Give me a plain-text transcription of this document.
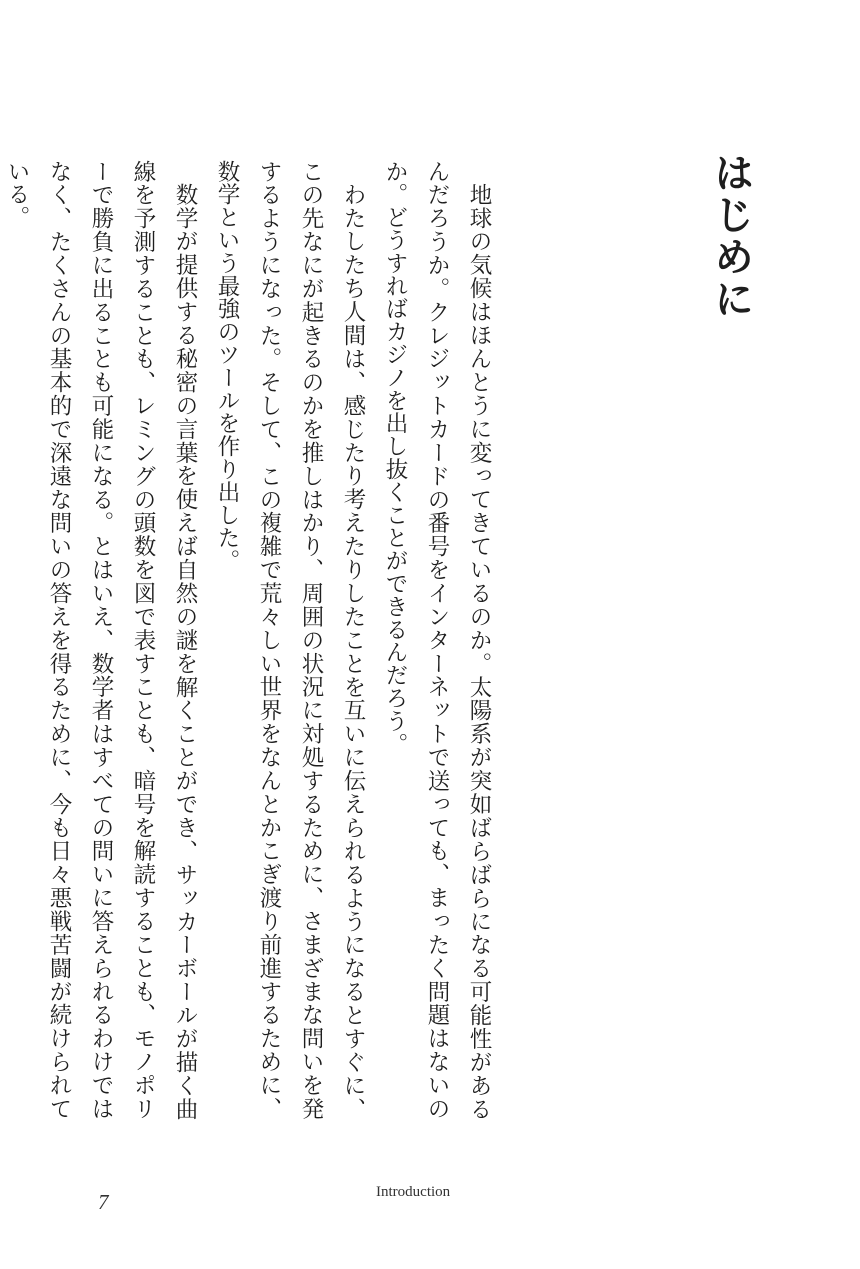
はじめに

地球の気候はほんとうに変ってきているのか。太陽系が突如ばらばらになる可能性があるんだろうか。クレジットカードの番号をインターネットで送っても、まったく問題はないのか。どうすればカジノを出し抜くことができるんだろう。

わたしたち人間は、感じたり考えたりしたことを互いに伝えられるようになるとすぐに、この先なにが起きるのかを推しはかり、周囲の状況に対処するために、さまざまな問いを発するようになった。そして、この複雑で荒々しい世界をなんとかこぎ渡り前進するために、数学という最強のツールを作り出した。

数学が提供する秘密の言葉を使えば自然の謎を解くことができ、サッカーボールが描く曲線を予測することも、レミングの頭数を図で表すことも、暗号を解読することも、モノポリーで勝負に出ることも可能になる。とはいえ、数学者はすべての問いに答えられるわけではなく、たくさんの基本的で深遠な問いの答えを得るために、今も日々悪戦苦闘が続けられている。

7	Introduction
